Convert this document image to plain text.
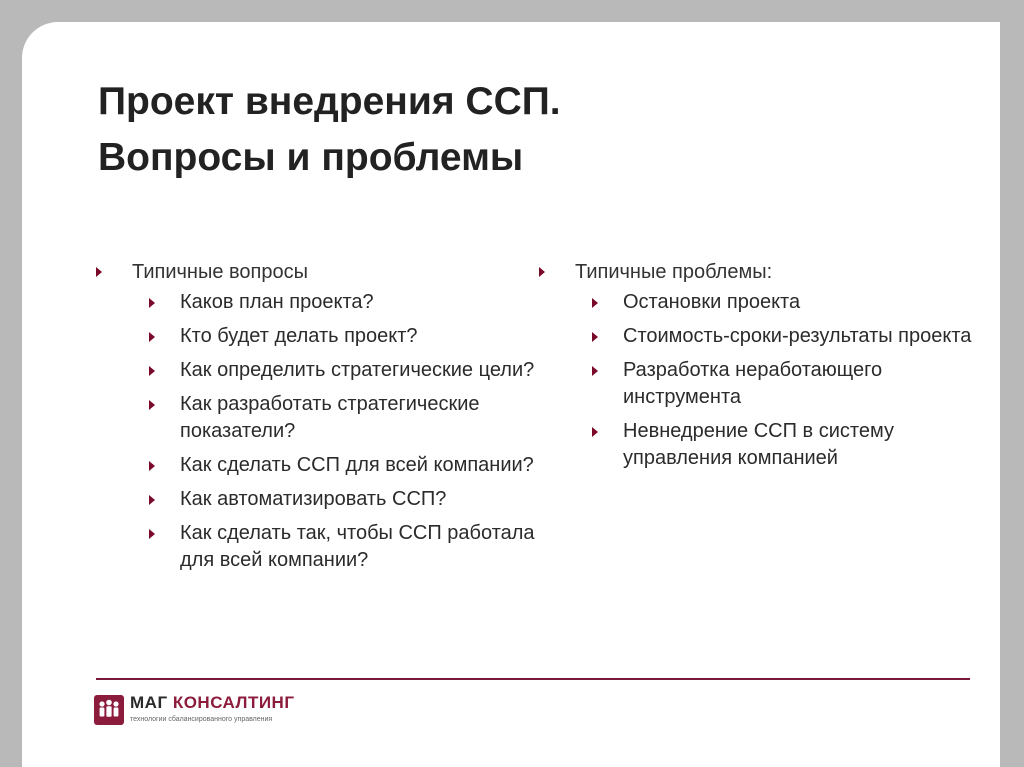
Проект внедрения ССП.
Вопросы и проблемы
Типичные вопросы
Каков план проекта?
Кто будет делать проект?
Как определить стратегические цели?
Как разработать стратегические показатели?
Как сделать ССП для всей компании?
Как автоматизировать ССП?
Как сделать так, чтобы ССП работала для всей компании?
Типичные проблемы:
Остановки проекта
Стоимость-сроки-результаты проекта
Разработка неработающего инструмента
Невнедрение ССП в систему управления компанией
МАГ КОНСАЛТИНГ
технологии сбалансированного управления
